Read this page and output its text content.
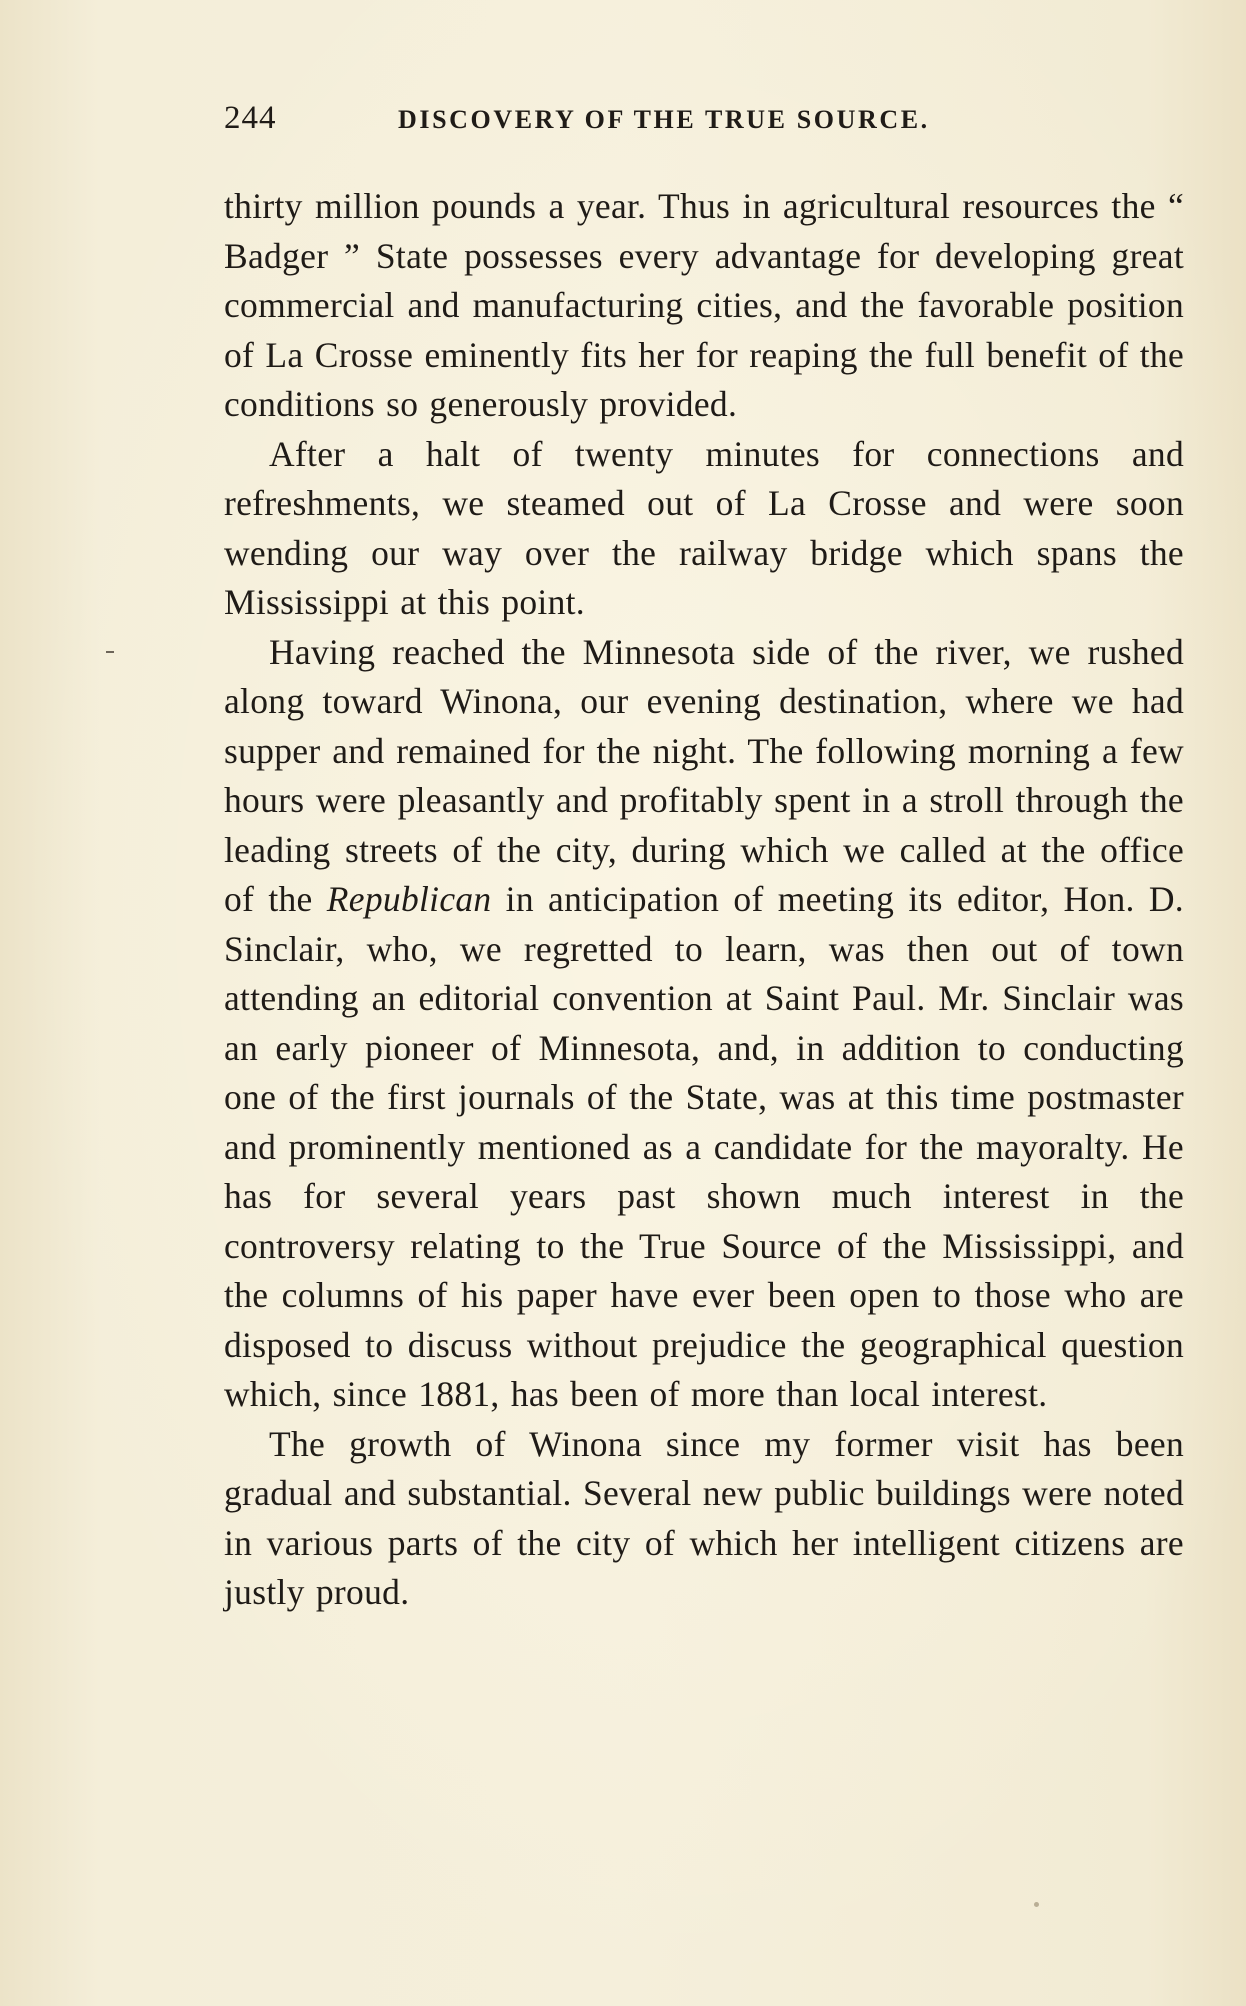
244	DISCOVERY OF THE TRUE SOURCE.

thirty million pounds a year. Thus in agricultural resources the “ Badger ” State possesses every advantage for developing great commercial and manufacturing cities, and the favorable position of La Crosse eminently fits her for reaping the full benefit of the conditions so generously provided.

After a halt of twenty minutes for connections and refreshments, we steamed out of La Crosse and were soon wending our way over the railway bridge which spans the Mississippi at this point.

Having reached the Minnesota side of the river, we rushed along toward Winona, our evening destination, where we had supper and remained for the night. The following morning a few hours were pleasantly and profitably spent in a stroll through the leading streets of the city, during which we called at the office of the Republican in anticipation of meeting its editor, Hon. D. Sinclair, who, we regretted to learn, was then out of town attending an editorial convention at Saint Paul. Mr. Sinclair was an early pioneer of Minnesota, and, in addition to conducting one of the first journals of the State, was at this time postmaster and prominently mentioned as a candidate for the mayoralty. He has for several years past shown much interest in the controversy relating to the True Source of the Mississippi, and the columns of his paper have ever been open to those who are disposed to discuss without prejudice the geographical question which, since 1881, has been of more than local interest.

The growth of Winona since my former visit has been gradual and substantial. Several new public buildings were noted in various parts of the city of which her intelligent citizens are justly proud.
